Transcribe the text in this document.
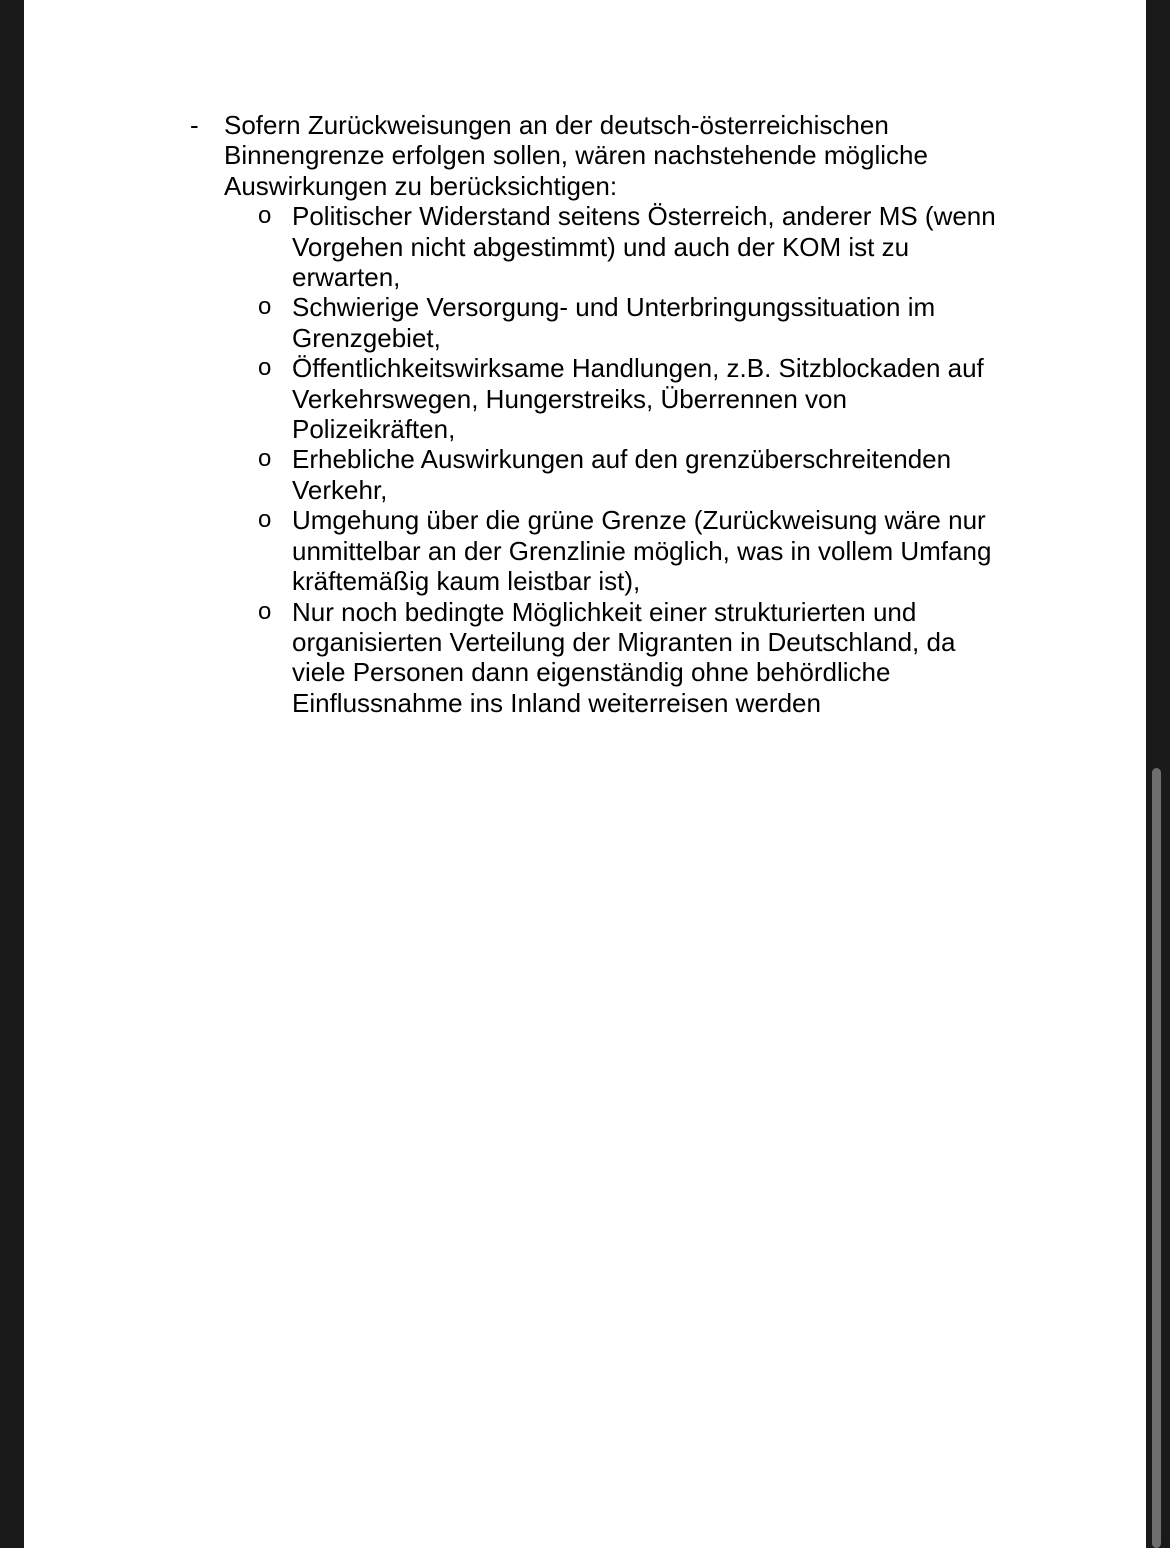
- Sofern Zurückweisungen an der deutsch-österreichischen
Binnengrenze erfolgen sollen, wären nachstehende mögliche
Auswirkungen zu berücksichtigen:
o Politischer Widerstand seitens Österreich, anderer MS (wenn
Vorgehen nicht abgestimmt) und auch der KOM ist zu
erwarten,
o Schwierige Versorgung- und Unterbringungssituation im
Grenzgebiet,
o Öffentlichkeitswirksame Handlungen, z.B. Sitzblockaden auf
Verkehrswegen, Hungerstreiks, Überrennen von
Polizeikräften,
o Erhebliche Auswirkungen auf den grenzüberschreitenden
Verkehr,
o Umgehung über die grüne Grenze (Zurückweisung wäre nur
unmittelbar an der Grenzlinie möglich, was in vollem Umfang
kräftemäßig kaum leistbar ist),
o Nur noch bedingte Möglichkeit einer strukturierten und
organisierten Verteilung der Migranten in Deutschland, da
viele Personen dann eigenständig ohne behördliche
Einflussnahme ins Inland weiterreisen werden
